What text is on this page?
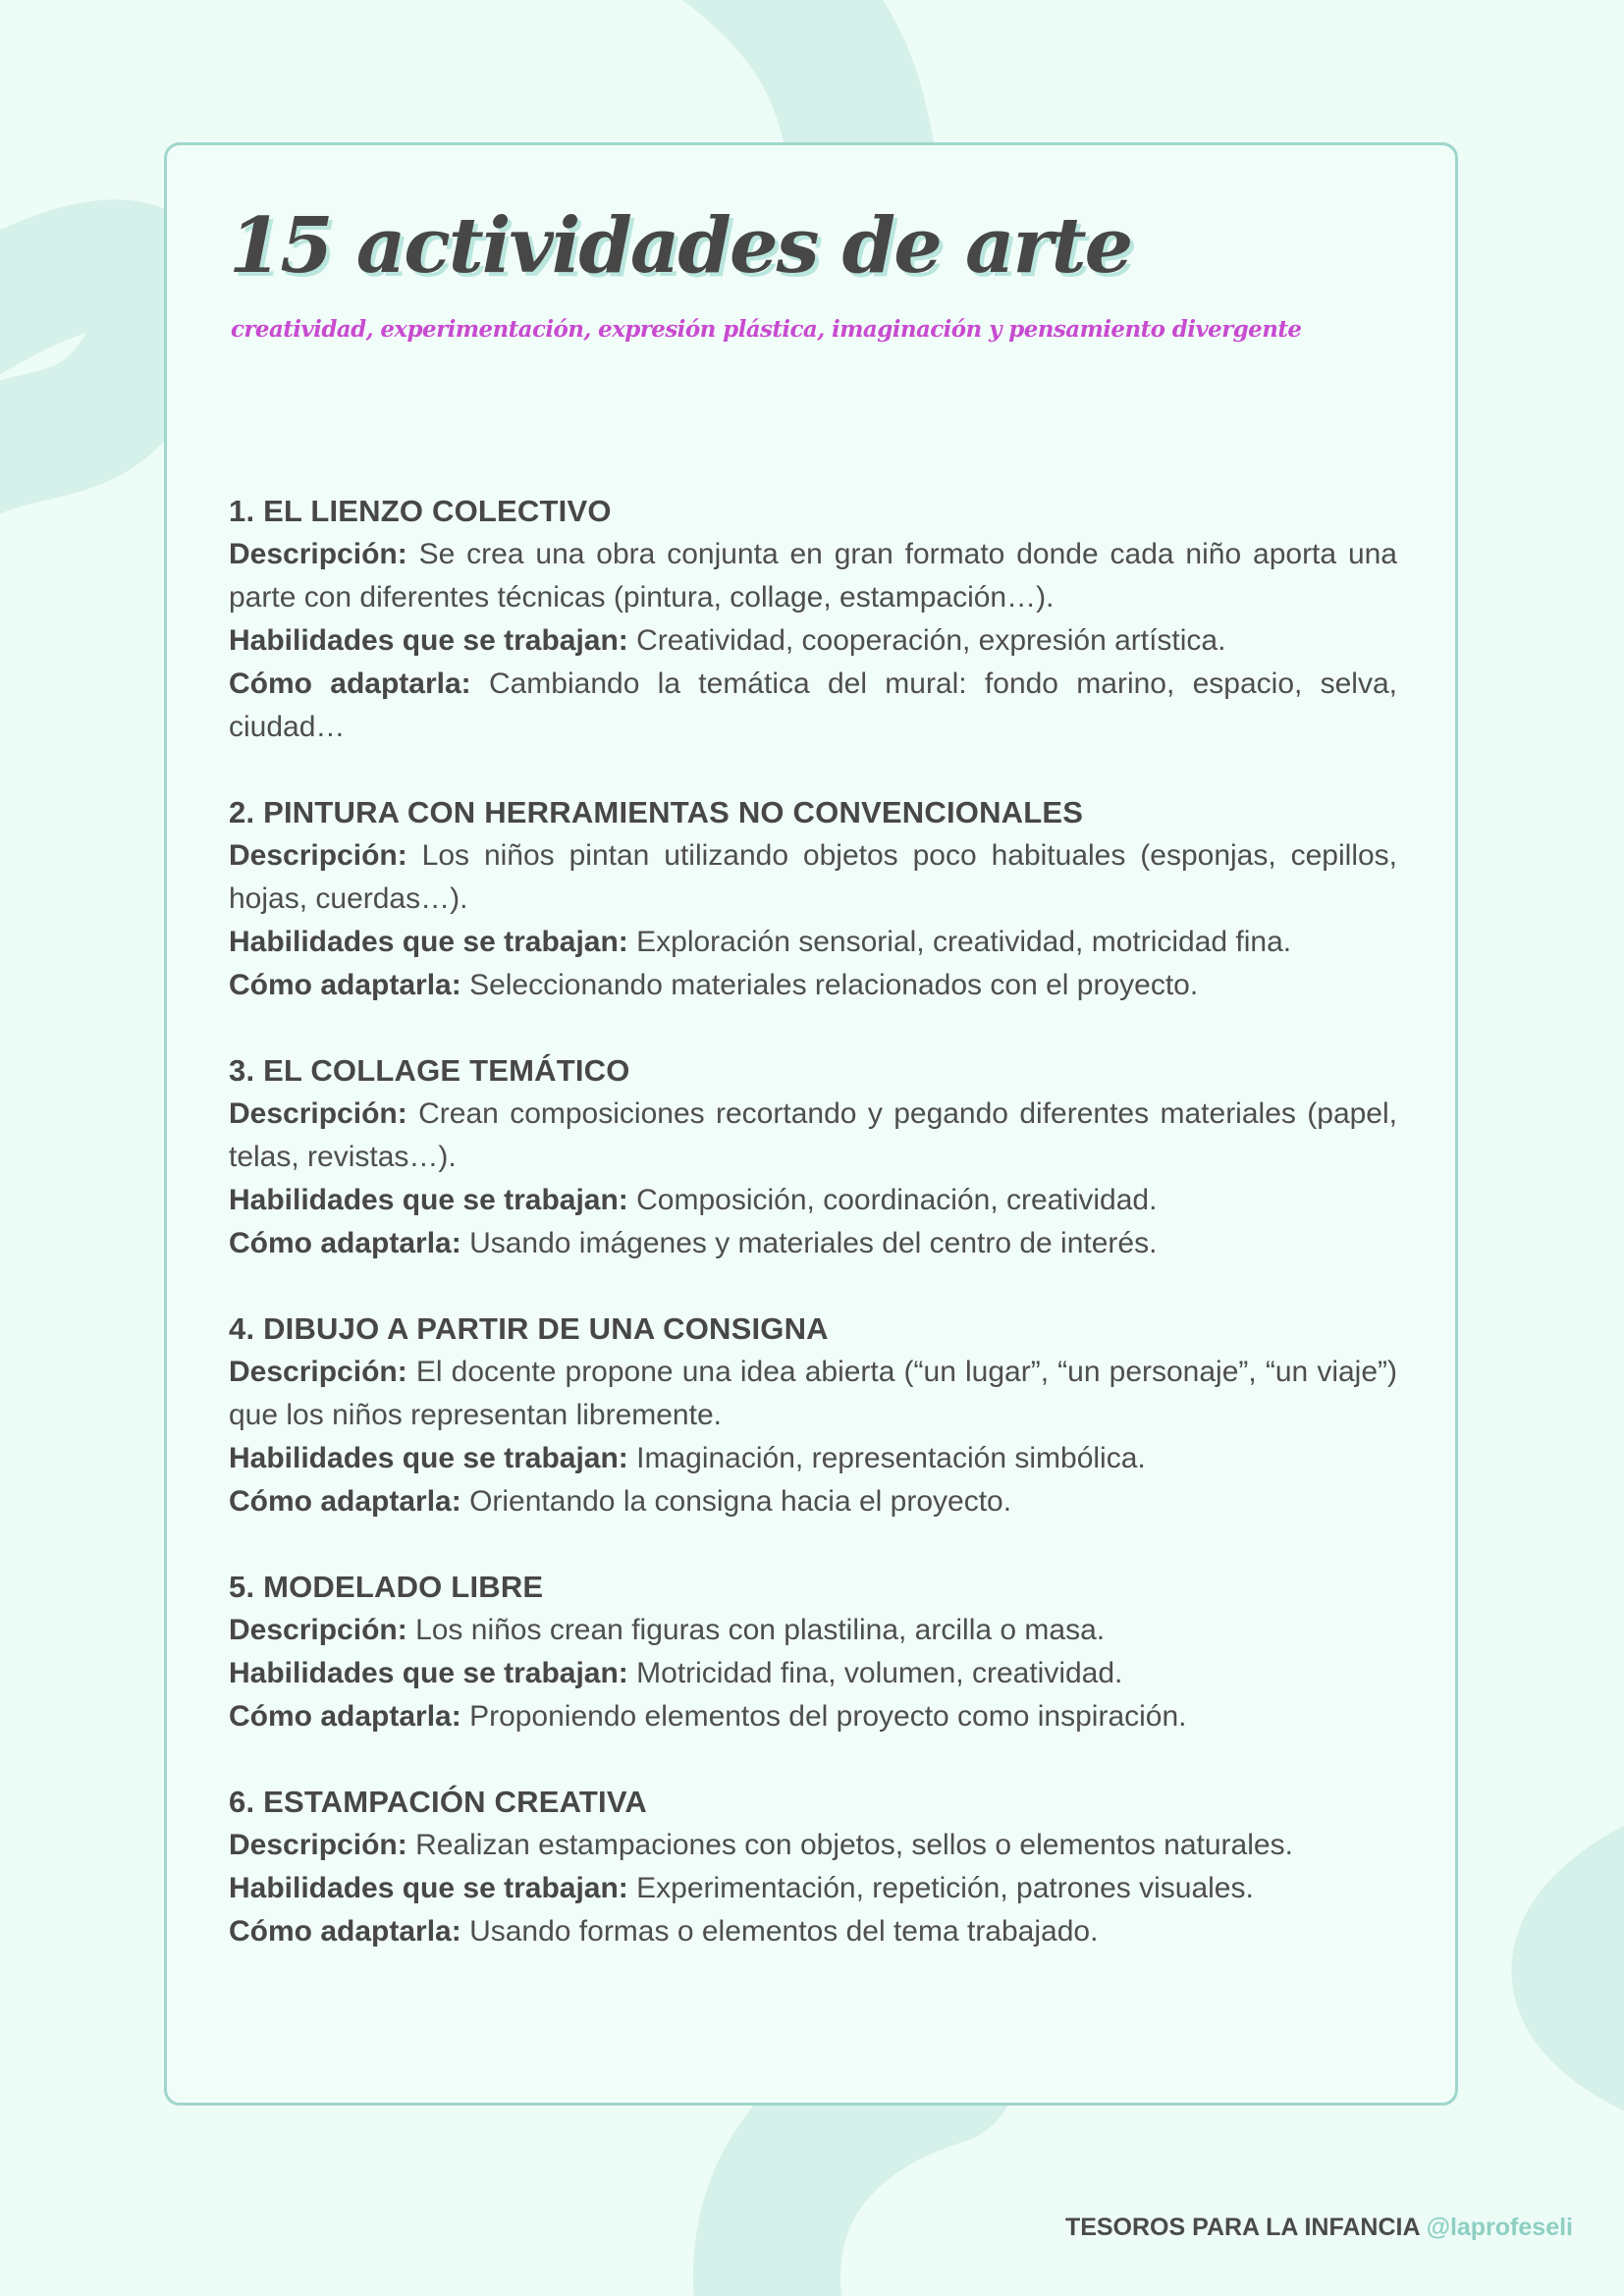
15 actividades de arte

creatividad, experimentación, expresión plástica, imaginación y pensamiento divergente

1. EL LIENZO COLECTIVO

Descripción: Se crea una obra conjunta en gran formato donde cada niño aporta una parte con diferentes técnicas (pintura, collage, estampación…).

Habilidades que se trabajan: Creatividad, cooperación, expresión artística.

Cómo adaptarla: Cambiando la temática del mural: fondo marino, espacio, selva, ciudad…

2. PINTURA CON HERRAMIENTAS NO CONVENCIONALES

Descripción: Los niños pintan utilizando objetos poco habituales (esponjas, cepillos, hojas, cuerdas…).

Habilidades que se trabajan: Exploración sensorial, creatividad, motricidad fina.

Cómo adaptarla: Seleccionando materiales relacionados con el proyecto.

3. EL COLLAGE TEMÁTICO

Descripción: Crean composiciones recortando y pegando diferentes materiales (papel, telas, revistas…).

Habilidades que se trabajan: Composición, coordinación, creatividad.

Cómo adaptarla: Usando imágenes y materiales del centro de interés.

4. DIBUJO A PARTIR DE UNA CONSIGNA

Descripción: El docente propone una idea abierta (“un lugar”, “un personaje”, “un viaje”) que los niños representan libremente.

Habilidades que se trabajan: Imaginación, representación simbólica.

Cómo adaptarla: Orientando la consigna hacia el proyecto.

5. MODELADO LIBRE

Descripción: Los niños crean figuras con plastilina, arcilla o masa.

Habilidades que se trabajan: Motricidad fina, volumen, creatividad.

Cómo adaptarla: Proponiendo elementos del proyecto como inspiración.

6. ESTAMPACIÓN CREATIVA

Descripción: Realizan estampaciones con objetos, sellos o elementos naturales.

Habilidades que se trabajan: Experimentación, repetición, patrones visuales.

Cómo adaptarla: Usando formas o elementos del tema trabajado.

TESOROS PARA LA INFANCIA @laprofeseli
